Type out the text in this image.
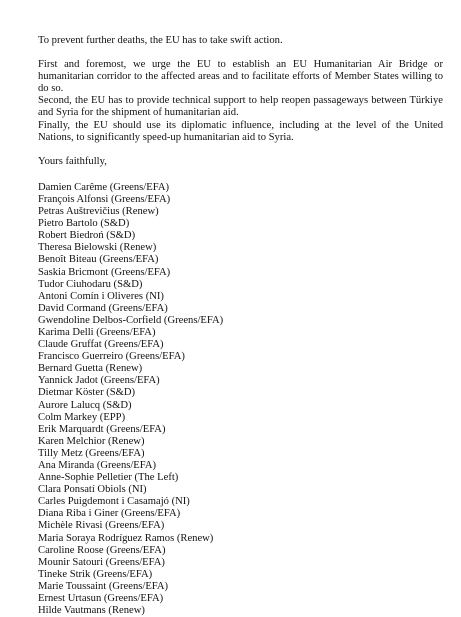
To prevent further deaths, the EU has to take swift action.

First and foremost, we urge the EU to establish an EU Humanitarian Air Bridge or humanitarian corridor to the affected areas and to facilitate efforts of Member States willing to do so.

Second, the EU has to provide technical support to help reopen passageways between Türkiye and Syria for the shipment of humanitarian aid.

Finally, the EU should use its diplomatic influence, including at the level of the United Nations, to significantly speed-up humanitarian aid to Syria.

Yours faithfully,

Damien Carême (Greens/EFA)
François Alfonsi (Greens/EFA)
Petras Auštrevičius (Renew)
Pietro Bartolo (S&D)
Robert Biedroń (S&D)
Theresa Bielowski (Renew)
Benoît Biteau (Greens/EFA)
Saskia Bricmont (Greens/EFA)
Tudor Ciuhodaru (S&D)
Antoni Comín i Oliveres (NI)
David Cormand (Greens/EFA)
Gwendoline Delbos-Corfield (Greens/EFA)
Karima Delli (Greens/EFA)
Claude Gruffat (Greens/EFA)
Francisco Guerreiro (Greens/EFA)
Bernard Guetta (Renew)
Yannick Jadot (Greens/EFA)
Dietmar Köster (S&D)
Aurore Lalucq (S&D)
Colm Markey (EPP)
Erik Marquardt (Greens/EFA)
Karen Melchior (Renew)
Tilly Metz (Greens/EFA)
Ana Miranda (Greens/EFA)
Anne-Sophie Pelletier (The Left)
Clara Ponsatí Obiols (NI)
Carles Puigdemont i Casamajó (NI)
Diana Riba i Giner (Greens/EFA)
Michèle Rivasi (Greens/EFA)
Maria Soraya Rodríguez Ramos (Renew)
Caroline Roose (Greens/EFA)
Mounir Satouri (Greens/EFA)
Tineke Strik (Greens/EFA)
Marie Toussaint (Greens/EFA)
Ernest Urtasun (Greens/EFA)
Hilde Vautmans (Renew)
